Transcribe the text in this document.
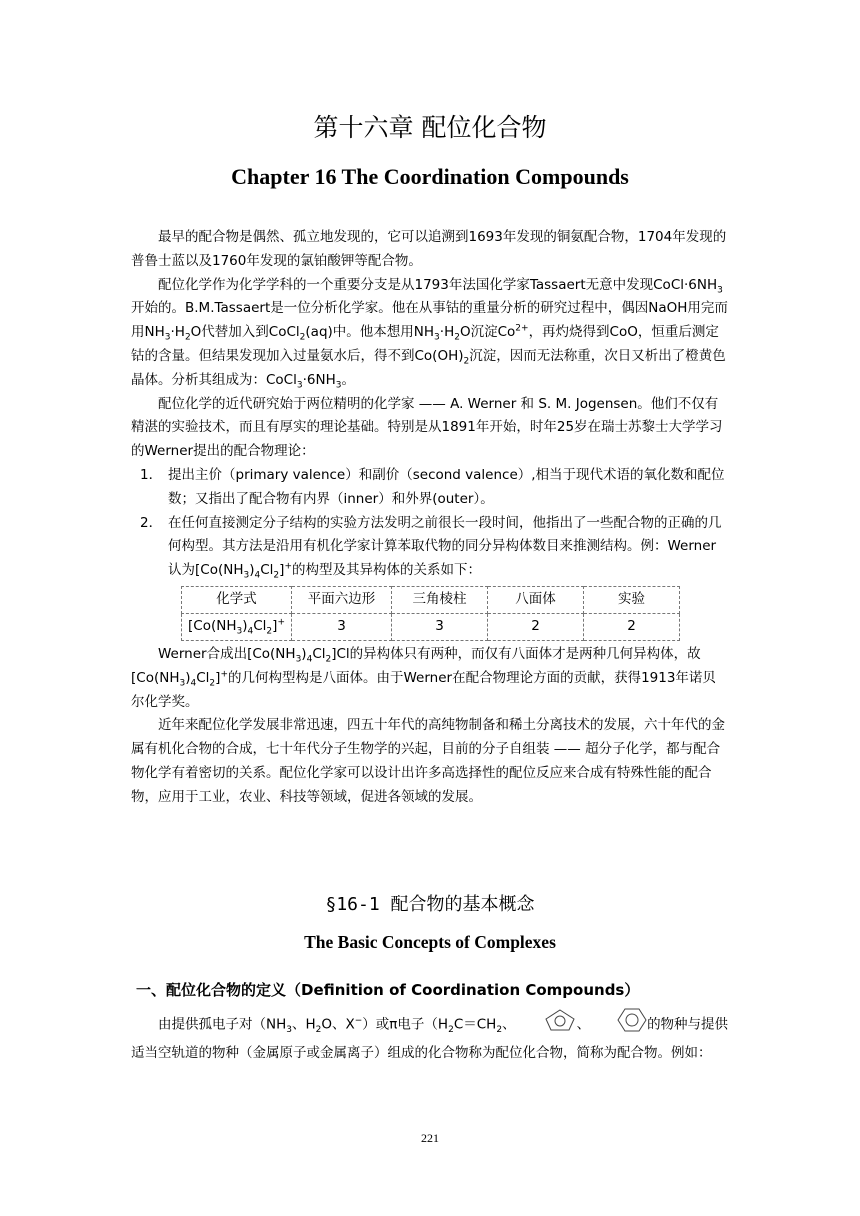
第十六章 配位化合物
Chapter 16 The Coordination Compounds

最早的配合物是偶然、孤立地发现的，它可以追溯到1693年发现的铜氨配合物，1704年发现的普鲁士蓝以及1760年发现的氯铂酸钾等配合物。

配位化学作为化学学科的一个重要分支是从1793年法国化学家Tassaert无意中发现$CoCl\cdot 6NH_3$开始的。B.M.Tassaert是一位分析化学家。他在从事钴的重量分析的研究过程中，偶因NaOH用完而用$NH_3\cdot H_2O$代替加入到CoCl$_2$(aq)中。他本想用$NH_3\cdot H_2O$沉淀$Co^{2+}$，再灼烧得到CoO，恒重后测定钴的含量。但结果发现加入过量氨水后，得不到$Co(OH)_2$沉淀，因而无法称重，次日又析出了橙黄色晶体。分析其组成为：$CoCl_3\cdot 6NH_3$。

配位化学的近代研究始于两位精明的化学家 —— A. Werner 和 S. M. Jogensen。他们不仅有精湛的实验技术，而且有厚实的理论基础。特别是从1891年开始，时年25岁在瑞士苏黎士大学学习的Werner提出的配合物理论：

1． 提出主价（primary valence）和副价（second valence）,相当于现代术语的氧化数和配位数；又指出了配合物有内界（inner）和外界(outer）。

2． 在任何直接测定分子结构的实验方法发明之前很长一段时间，他指出了一些配合物的正确的几何构型。其方法是沿用有机化学家计算苯取代物的同分异构体数目来推测结构。例：Werner 认为$[Co(NH_3)_4Cl_2]^+$的构型及其异构体的关系如下：

化学式	平面六边形	三角棱柱	八面体	实验
$[Co(NH_3)_4Cl_2]^+$	3	3	2	2

Werner合成出$[Co(NH_3)_4Cl_2]Cl$的异构体只有两种，而仅有八面体才是两种几何异构体，故$[Co(NH_3)_4Cl_2]^+$的几何构型构是八面体。由于Werner在配合物理论方面的贡献，获得1913年诺贝尔化学奖。

近年来配位化学发展非常迅速，四五十年代的高纯物制备和稀土分离技术的发展，六十年代的金属有机化合物的合成，七十年代分子生物学的兴起，目前的分子自组装 —— 超分子化学，都与配合物化学有着密切的关系。配位化学家可以设计出许多高选择性的配位反应来合成有特殊性能的配合物，应用于工业，农业、科技等领域，促进各领域的发展。

§16-1 配合物的基本概念
The Basic Concepts of Complexes
一、配位化合物的定义（Definition of Coordination Compounds）

由提供孤电子对（$NH_3$、$H_2O$、X−）或π电子（$H_2C=CH_2$、	、	的物种与提供适当空轨道的物种（金属原子或金属离子）组成的化合物称为配位化合物，简称为配合物。例如：

221
